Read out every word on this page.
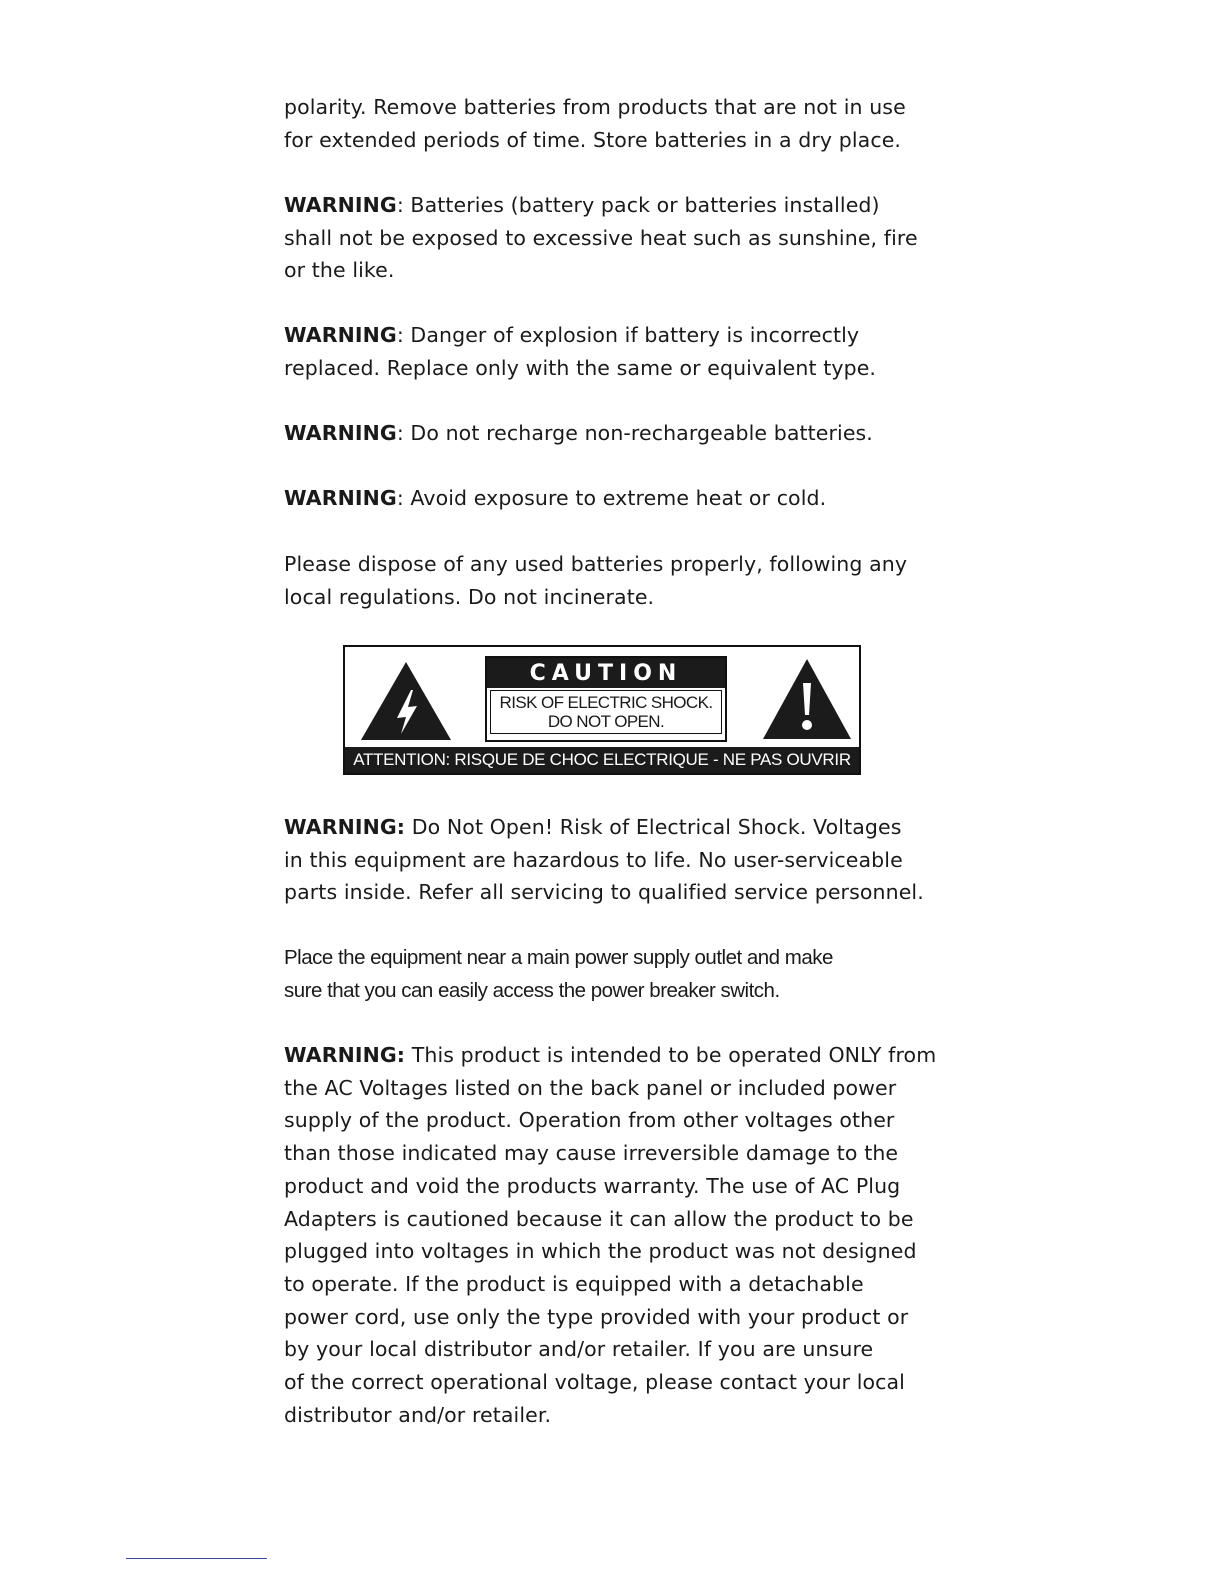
polarity. Remove batteries from products that are not in use
for extended periods of time. Store batteries in a dry place.
WARNING: Batteries (battery pack or batteries installed)
shall not be exposed to excessive heat such as sunshine, fire
or the like.
WARNING: Danger of explosion if battery is incorrectly
replaced. Replace only with the same or equivalent type.
WARNING: Do not recharge non-rechargeable batteries.
WARNING: Avoid exposure to extreme heat or cold.
Please dispose of any used batteries properly, following any
local regulations. Do not incinerate.
CAUTION
RISK OF ELECTRIC SHOCK.
DO NOT OPEN.
ATTENTION: RISQUE DE CHOC ELECTRIQUE - NE PAS OUVRIR
WARNING: Do Not Open! Risk of Electrical Shock. Voltages
in this equipment are hazardous to life. No user-serviceable
parts inside. Refer all servicing to qualified service personnel.
Place the equipment near a main power supply outlet and make
sure that you can easily access the power breaker switch.
WARNING: This product is intended to be operated ONLY from
the AC Voltages listed on the back panel or included power
supply of the product. Operation from other voltages other
than those indicated may cause irreversible damage to the
product and void the products warranty. The use of AC Plug
Adapters is cautioned because it can allow the product to be
plugged into voltages in which the product was not designed
to operate. If the product is equipped with a detachable
power cord, use only the type provided with your product or
by your local distributor and/or retailer. If you are unsure
of the correct operational voltage, please contact your local
distributor and/or retailer.
